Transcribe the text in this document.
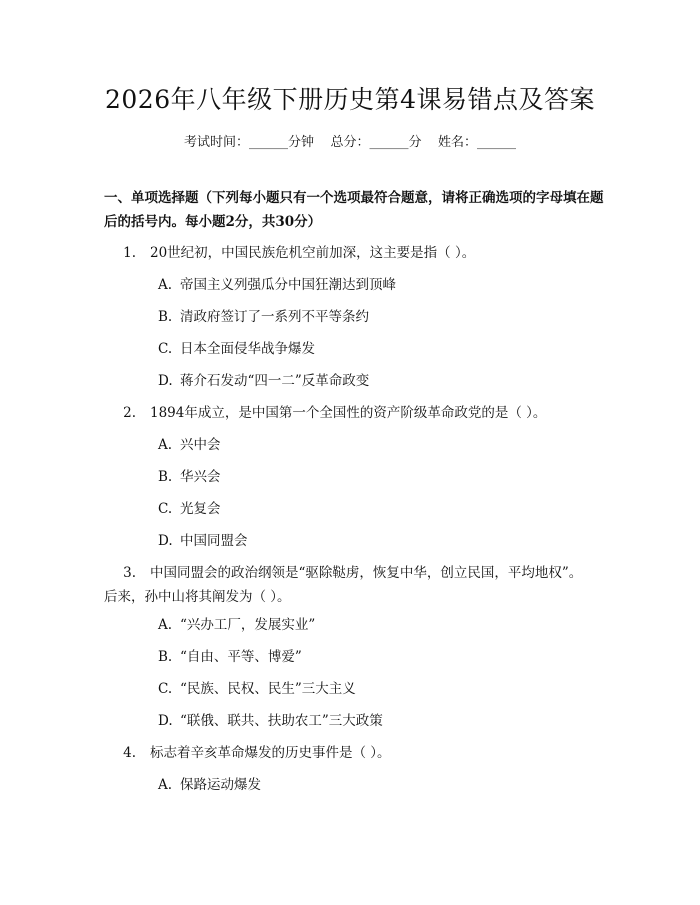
2026年八年级下册历史第4课易错点及答案
考试时间：______分钟    总分：______分    姓名：______
一、单项选择题（下列每小题只有一个选项最符合题意，请将正确选项的字母填在题后的括号内。每小题2分，共30分）
1. 20世纪初，中国民族危机空前加深，这主要是指（ ）。
A. 帝国主义列强瓜分中国狂潮达到顶峰
B. 清政府签订了一系列不平等条约
C. 日本全面侵华战争爆发
D. 蒋介石发动“四一二”反革命政变
2. 1894年成立，是中国第一个全国性的资产阶级革命政党的是（ ）。
A. 兴中会
B. 华兴会
C. 光复会
D. 中国同盟会
3. 中国同盟会的政治纲领是“驱除鞑虏，恢复中华，创立民国，平均地权”。后来，孙中山将其阐发为（ ）。
A. “兴办工厂，发展实业”
B. “自由、平等、博爱”
C. “民族、民权、民生”三大主义
D. “联俄、联共、扶助农工”三大政策
4. 标志着辛亥革命爆发的历史事件是（ ）。
A. 保路运动爆发
